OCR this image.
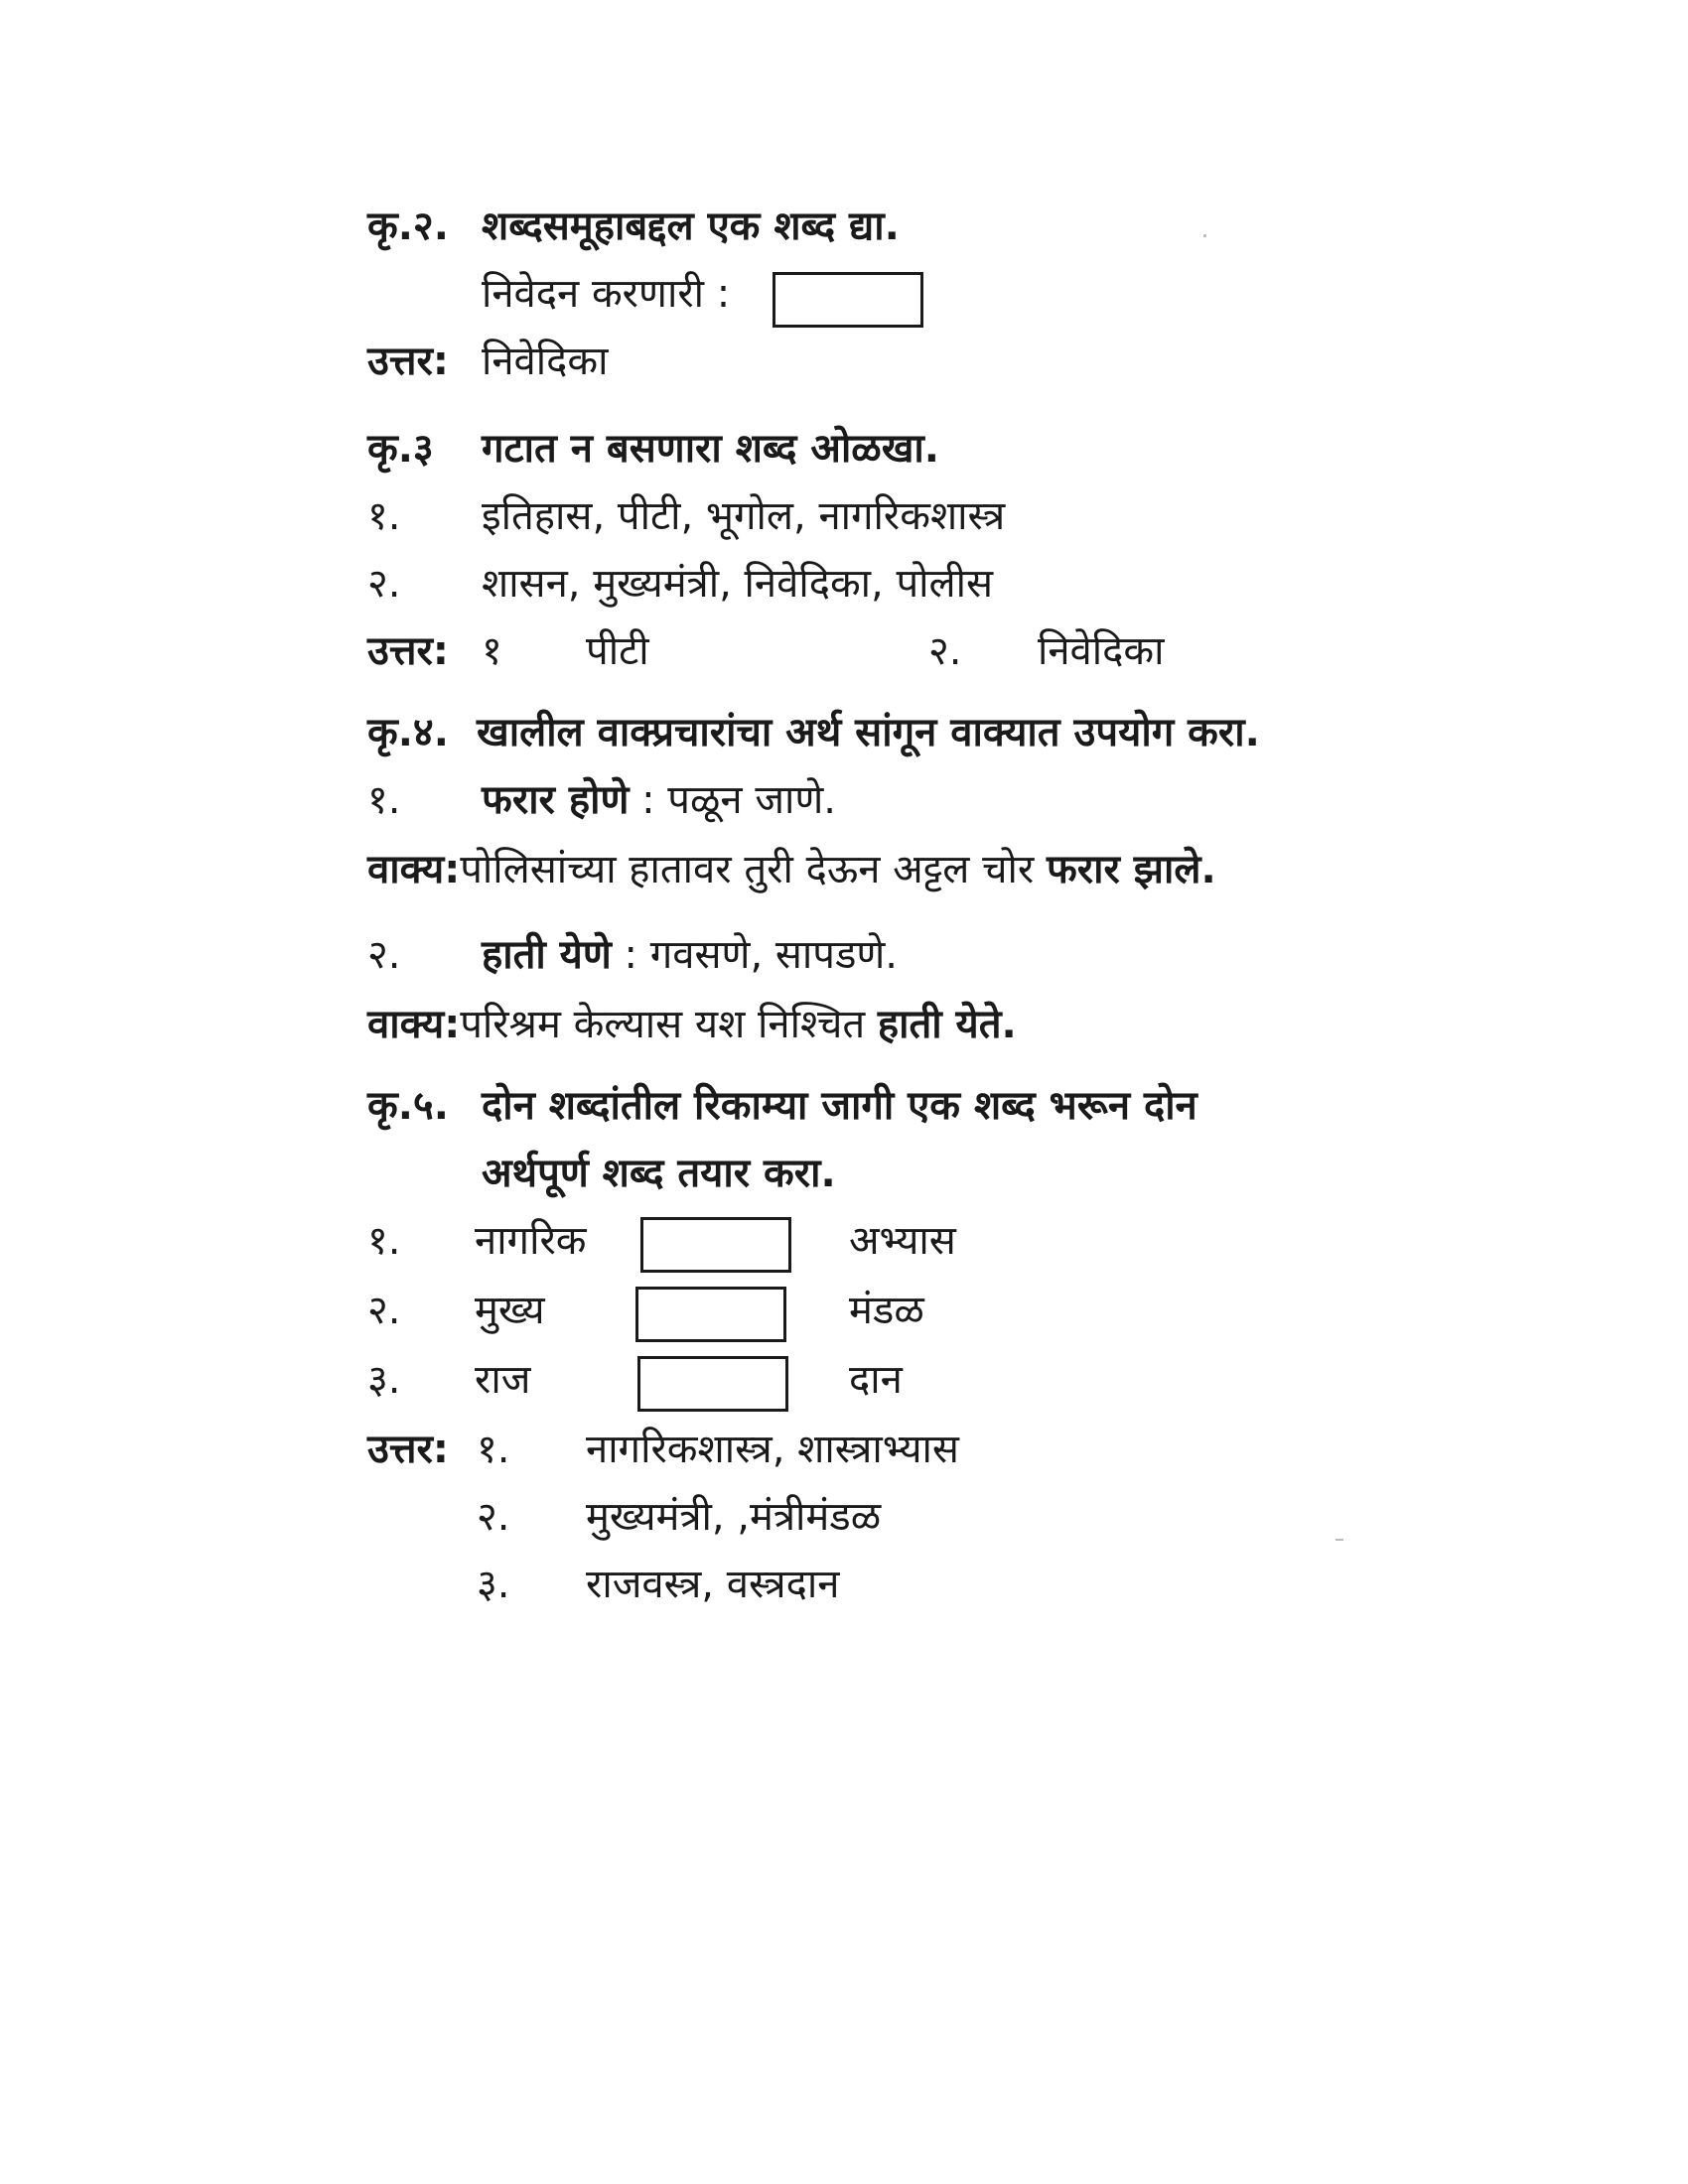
कृ.२. शब्दसमूहाबद्दल एक शब्द द्या.
निवेदन करणारी :
उत्तर: निवेदिका
कृ.३ गटात न बसणारा शब्द ओळखा.
१. इतिहास, पीटी, भूगोल, नागरिकशास्त्र
२. शासन, मुख्यमंत्री, निवेदिका, पोलीस
उत्तर: १ पीटी	२. निवेदिका
कृ.४. खालील वाक्प्रचारांचा अर्थ सांगून वाक्यात उपयोग करा.
१. फरार होणे : पळून जाणे.
वाक्य:पोलिसांच्या हातावर तुरी देऊन अट्टल चोर फरार झाले.
२. हाती येणे : गवसणे, सापडणे.
वाक्य:परिश्रम केल्यास यश निश्चित हाती येते.
कृ.५. दोन शब्दांतील रिकाम्या जागी एक शब्द भरून दोन
अर्थपूर्ण शब्द तयार करा.
१. नागरिक	अभ्यास
२. मुख्य	मंडळ
३. राज	दान
उत्तर: १. नागरिकशास्त्र, शास्त्राभ्यास
२. मुख्यमंत्री, ,मंत्रीमंडळ
३. राजवस्त्र, वस्त्रदान
